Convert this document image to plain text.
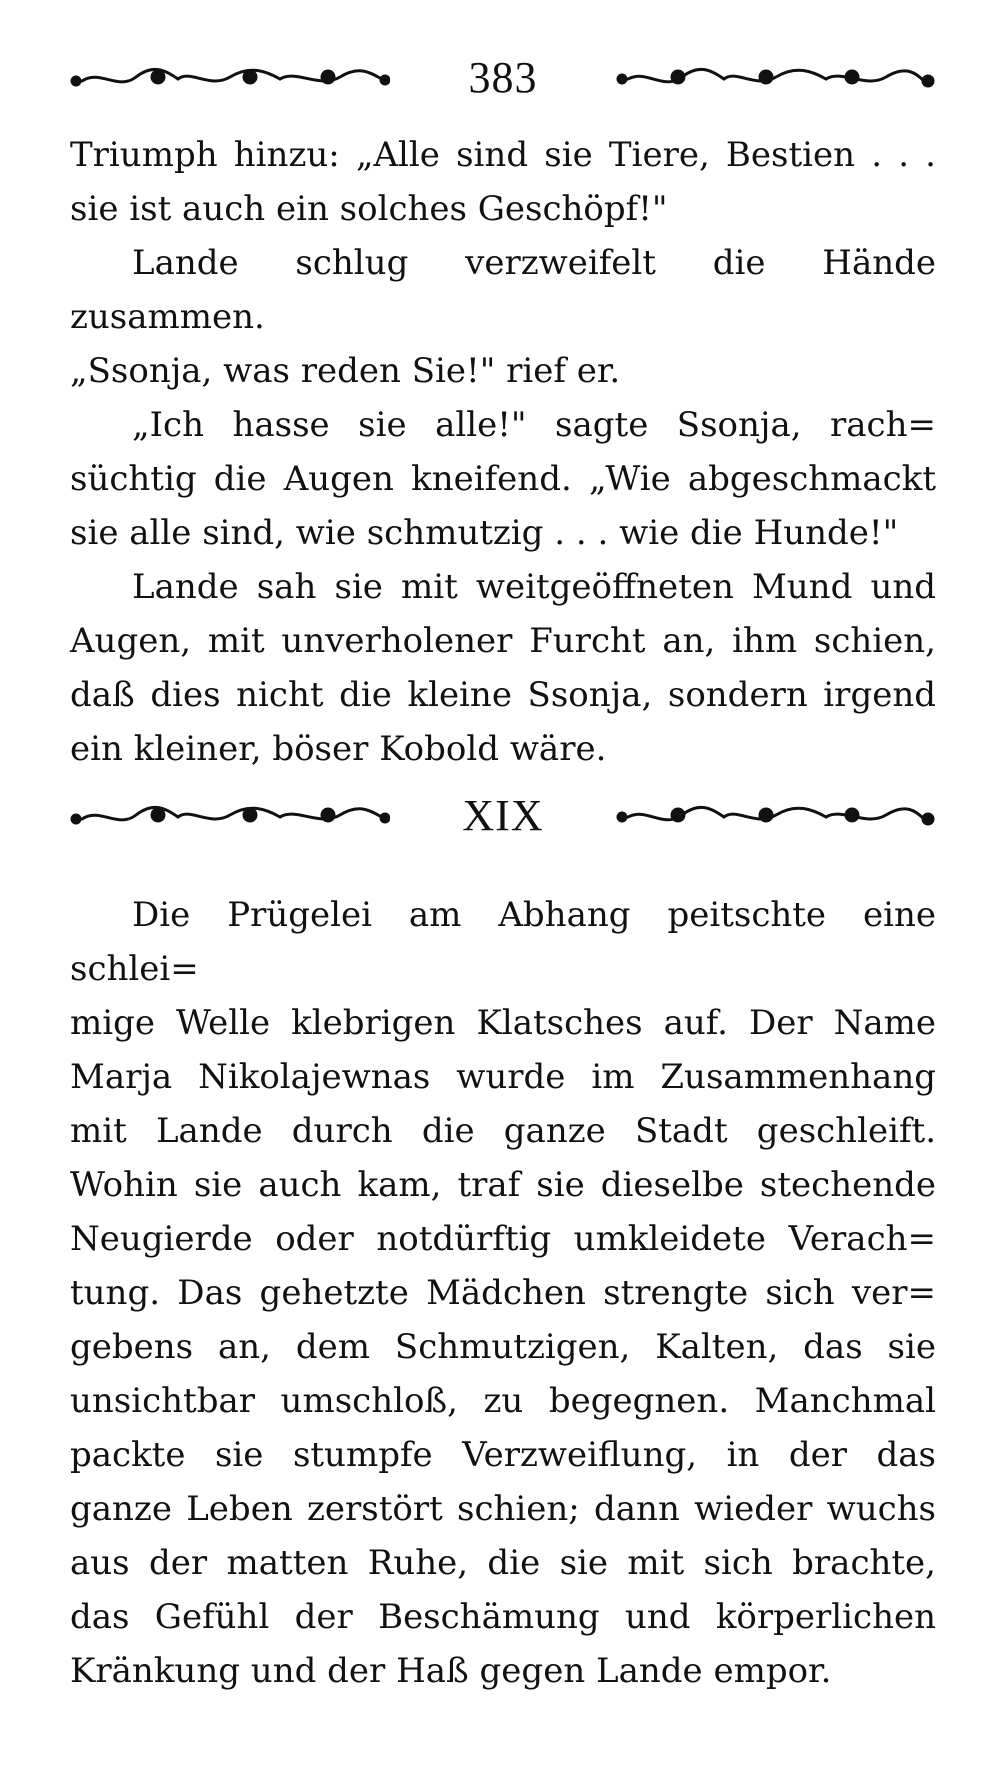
383

Triumph hinzu: „Alle sind sie Tiere, Bestien . . .

sie ist auch ein solches Geschöpf!"

Lande schlug verzweifelt die Hände zusammen.

„Ssonja, was reden Sie!" rief er.

„Ich hasse sie alle!" sagte Ssonja, rach=

süchtig die Augen kneifend. „Wie abgeschmackt

sie alle sind, wie schmutzig . . . wie die Hunde!"

Lande sah sie mit weitgeöffneten Mund und

Augen, mit unverholener Furcht an, ihm schien,

daß dies nicht die kleine Ssonja, sondern irgend

ein kleiner, böser Kobold wäre.

XIX

Die Prügelei am Abhang peitschte eine schlei=

mige Welle klebrigen Klatsches auf. Der Name

Marja Nikolajewnas wurde im Zusammenhang

mit Lande durch die ganze Stadt geschleift.

Wohin sie auch kam, traf sie dieselbe stechende

Neugierde oder notdürftig umkleidete Verach=

tung. Das gehetzte Mädchen strengte sich ver=

gebens an, dem Schmutzigen, Kalten, das sie

unsichtbar umschloß, zu begegnen. Manchmal

packte sie stumpfe Verzweiflung, in der das

ganze Leben zerstört schien; dann wieder wuchs

aus der matten Ruhe, die sie mit sich brachte,

das Gefühl der Beschämung und körperlichen

Kränkung und der Haß gegen Lande empor.
